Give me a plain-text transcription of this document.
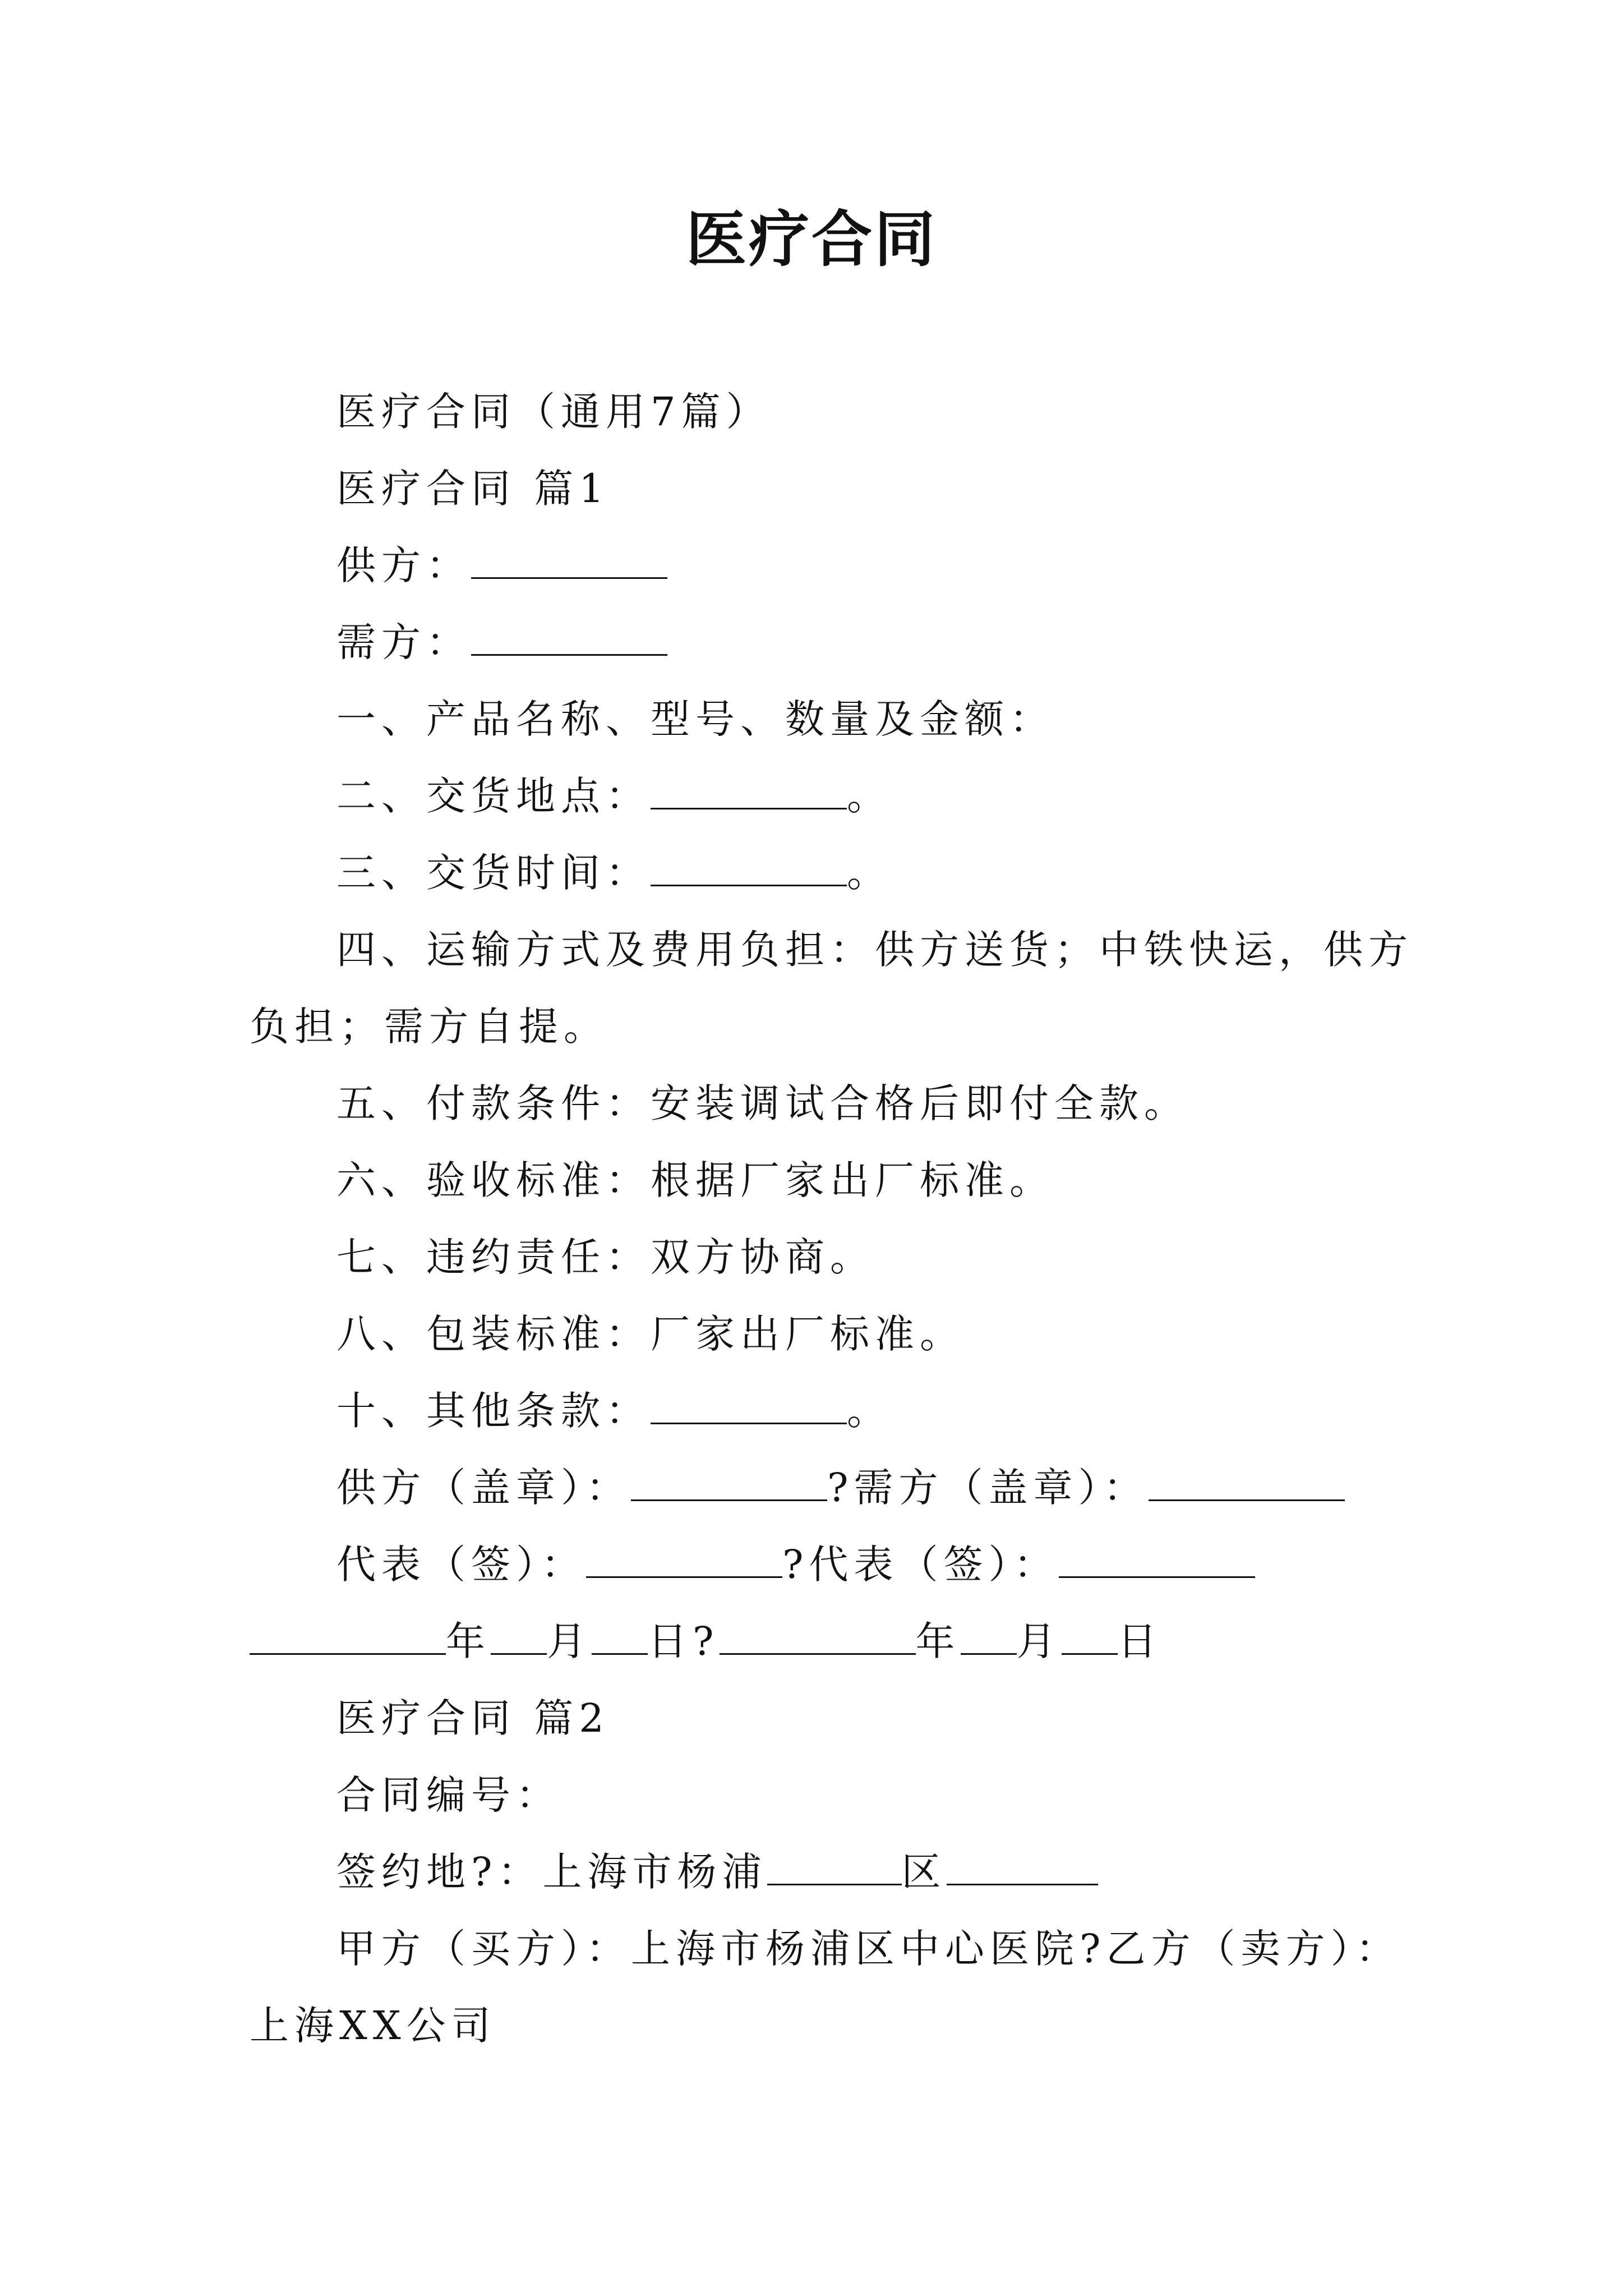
医疗合同
医疗合同（通用7篇）
医疗合同 篇1
供方：
需方：
一、产品名称、型号、数量及金额：
二、交货地点：	。
三、交货时间：	。
四、运输方式及费用负担：供方送货；中铁快运，供方
负担；需方自提。
五、付款条件：安装调试合格后即付全款。
六、验收标准：根据厂家出厂标准。
七、违约责任：双方协商。
八、包装标准：厂家出厂标准。
十、其他条款：	。
供方（盖章）：	?需方（盖章）：
代表（签）：	?代表（签）：
年 月 日?	年 月 日
医疗合同 篇2
合同编号：
签约地?：上海市杨浦	区
甲方（买方）：上海市杨浦区中心医院?乙方（卖方）：
上海XX公司
